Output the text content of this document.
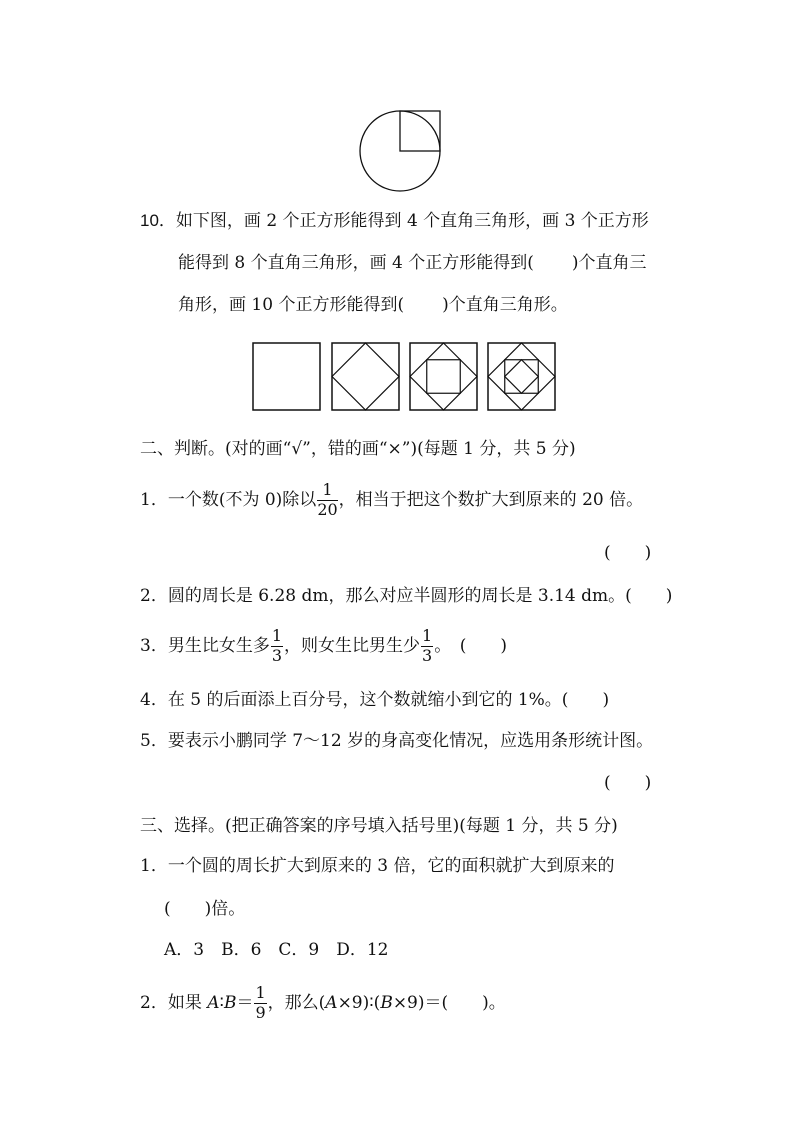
10．如下图，画 2 个正方形能得到 4 个直角三角形，画 3 个正方形
能得到 8 个直角三角形，画 4 个正方形能得到( )个直角三
角形，画 10 个正方形能得到( )个直角三角形。
二、判断。(对的画“√”，错的画“×”)(每题 1 分，共 5 分)
1．一个数(不为 0)除以 $\frac{1}{20}$ ，相当于把这个数扩大到原来的 20 倍。
(　　)
2．圆的周长是 6.28 dm，那么对应半圆形的周长是 3.14 dm。(　　)
3．男生比女生多 $\frac{1}{3}$ ，则女生比男生少 $\frac{1}{3}$ 。　(　　)
4．在 5 的后面添上百分号，这个数就缩小到它的 1%。(　　)
5．要表示小鹏同学 7～12 岁的身高变化情况，应选用条形统计图。
(　　)
三、选择。(把正确答案的序号填入括号里)(每题 1 分，共 5 分)
1．一个圆的周长扩大到原来的 3 倍，它的面积就扩大到原来的
(　　)倍。
A．3　B．6　C．9　D．12
2．如果 A∶B＝ $\frac{1}{9}$ ，那么(A×9)∶(B×9)＝(　　)。
